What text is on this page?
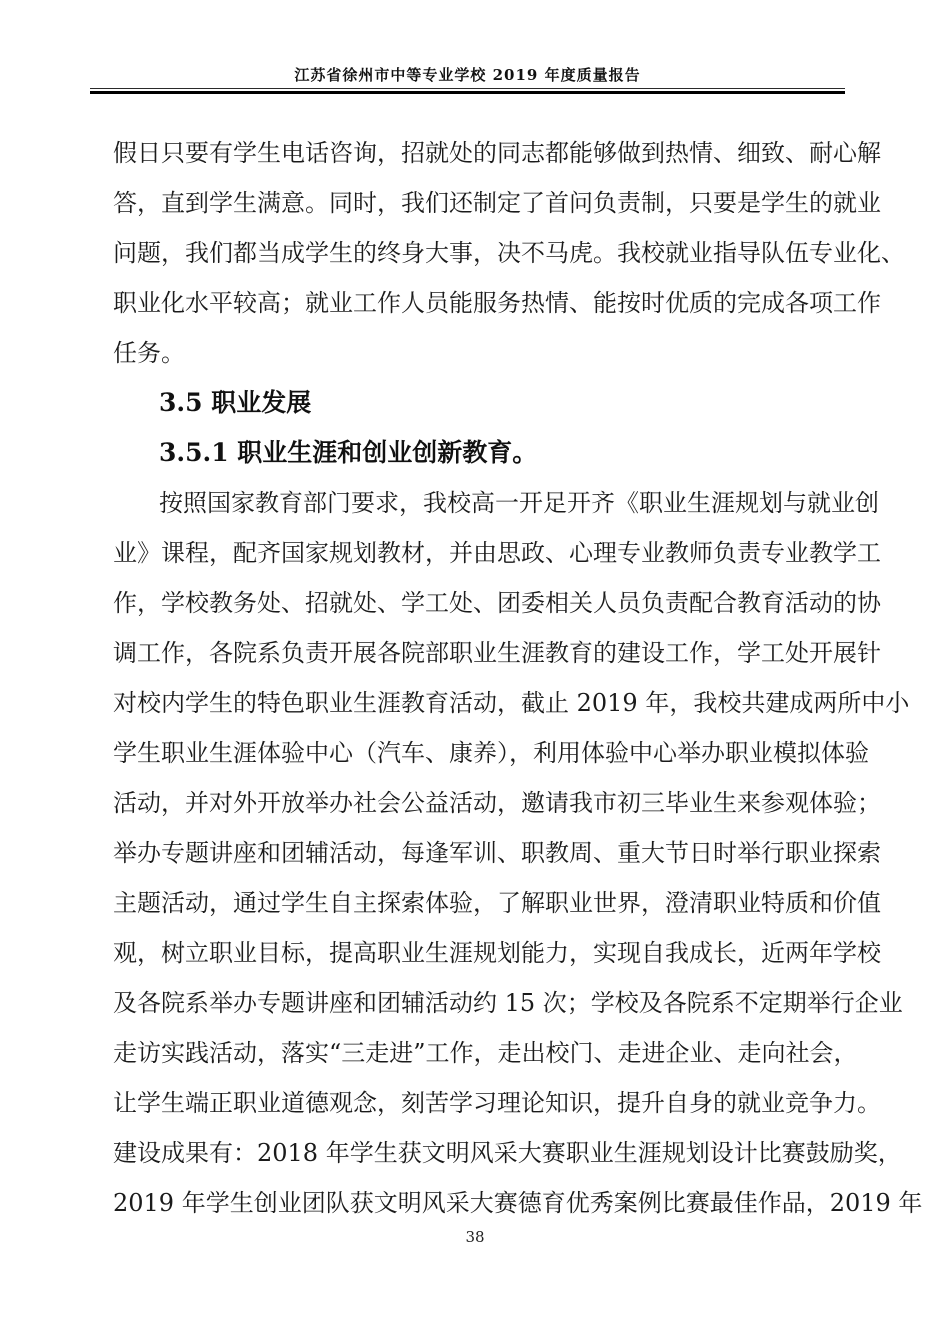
江苏省徐州市中等专业学校 2019 年度质量报告
假日只要有学生电话咨询，招就处的同志都能够做到热情、细致、耐心解
答，直到学生满意。同时，我们还制定了首问负责制，只要是学生的就业
问题，我们都当成学生的终身大事，决不马虎。我校就业指导队伍专业化、
职业化水平较高；就业工作人员能服务热情、能按时优质的完成各项工作
任务。
3.5 职业发展
3.5.1 职业生涯和创业创新教育。
按照国家教育部门要求，我校高一开足开齐《职业生涯规划与就业创
业》课程，配齐国家规划教材，并由思政、心理专业教师负责专业教学工
作，学校教务处、招就处、学工处、团委相关人员负责配合教育活动的协
调工作，各院系负责开展各院部职业生涯教育的建设工作，学工处开展针
对校内学生的特色职业生涯教育活动，截止 2019 年，我校共建成两所中小
学生职业生涯体验中心（汽车、康养），利用体验中心举办职业模拟体验
活动，并对外开放举办社会公益活动，邀请我市初三毕业生来参观体验；
举办专题讲座和团辅活动，每逢军训、职教周、重大节日时举行职业探索
主题活动，通过学生自主探索体验，了解职业世界，澄清职业特质和价值
观，树立职业目标，提高职业生涯规划能力，实现自我成长，近两年学校
及各院系举办专题讲座和团辅活动约 15 次；学校及各院系不定期举行企业
走访实践活动，落实“三走进”工作，走出校门、走进企业、走向社会，
让学生端正职业道德观念，刻苦学习理论知识，提升自身的就业竞争力。
建设成果有：2018 年学生获文明风采大赛职业生涯规划设计比赛鼓励奖，
2019 年学生创业团队获文明风采大赛德育优秀案例比赛最佳作品，2019 年
38
